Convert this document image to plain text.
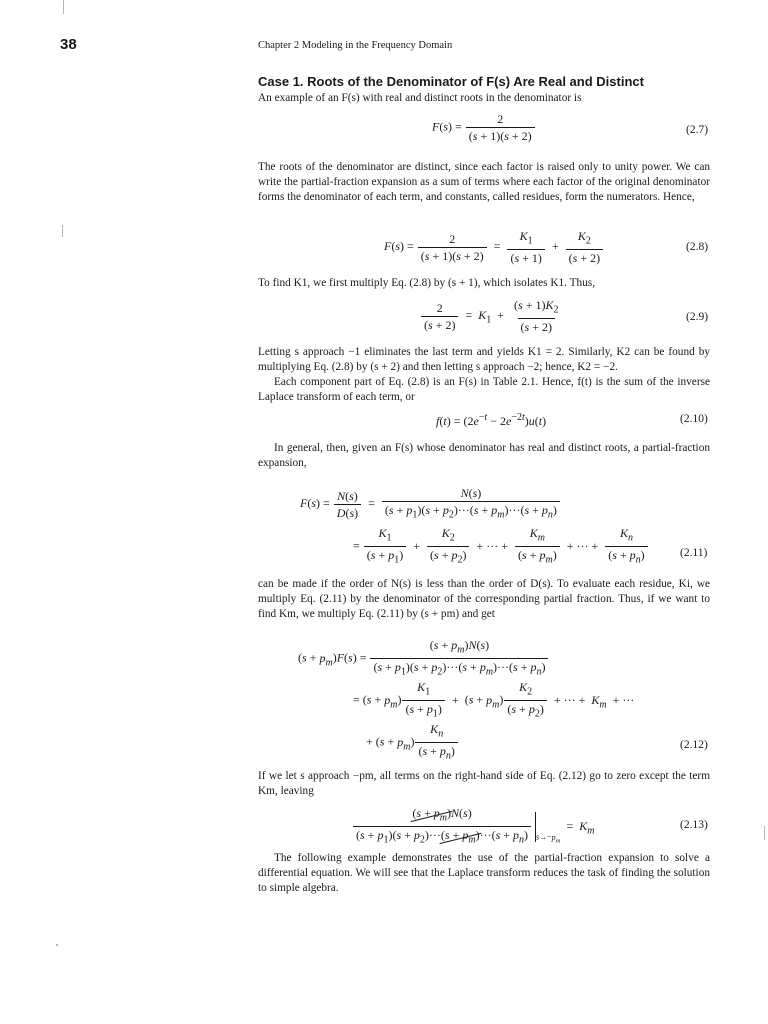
38	Chapter 2 Modeling in the Frequency Domain
Case 1. Roots of the Denominator of F(s) Are Real and Distinct
An example of an F(s) with real and distinct roots in the denominator is
$F(s) = \frac{2}{(s + 1)(s + 2)}$	(2.7)
The roots of the denominator are distinct, since each factor is raised only to unity power. We can write the partial-fraction expansion as a sum of terms where each factor of the original denominator forms the denominator of each term, and constants, called residues, form the numerators. Hence,
$F(s) = \frac{2}{(s + 1)(s + 2)} = \frac{K_1}{(s + 1)} + \frac{K_2}{(s + 2)}$	(2.8)
To find K1, we first multiply Eq. (2.8) by (s + 1), which isolates K1. Thus,
$\frac{2}{(s + 2)} = K_1 + \frac{(s + 1)K_2}{(s + 2)}$	(2.9)
Letting s approach −1 eliminates the last term and yields K1 = 2. Similarly, K2 can be found by multiplying Eq. (2.8) by (s + 2) and then letting s approach −2; hence, K2 = −2.
Each component part of Eq. (2.8) is an F(s) in Table 2.1. Hence, f(t) is the sum of the inverse Laplace transform of each term, or
$f(t) = (2e^{-t} - 2e^{-2t})u(t)$	(2.10)
In general, then, given an F(s) whose denominator has real and distinct roots, a partial-fraction expansion,
$F(s) = \frac{N(s)}{D(s)} = \frac{N(s)}{(s + p_1)(s + p_2)\cdot\cdot\cdot(s + p_m)\cdot\cdot\cdot(s + p_n)}$
= $\frac{K_1}{(s + p_1)} + \frac{K_2}{(s + p_2)}$ + ··· + $\frac{K_m}{(s + p_m)}$ + ··· + $\frac{K_n}{(s + p_n)}$	(2.11)
can be made if the order of N(s) is less than the order of D(s). To evaluate each residue, Ki, we multiply Eq. (2.11) by the denominator of the corresponding partial fraction. Thus, if we want to find Km, we multiply Eq. (2.11) by (s + pm) and get
$(s + p_m)F(s) = \frac{(s + p_m)N(s)}{(s + p_1)(s + p_2)\cdot\cdot\cdot(s + p_m)\cdot\cdot\cdot(s + p_n)}$
= $(s + p_m) \frac{K_1}{(s + p_1)} + (s + p_m) \frac{K_2}{(s + p_2)}$ + ··· + $K_m$ + ···
+ $(s + p_m) \frac{K_n}{(s + p_n)}$	(2.12)
If we let s approach −pm, all terms on the right-hand side of Eq. (2.12) go to zero except the term Km, leaving
$\frac{(s + p_m)N(s)}{(s + p_1)(s + p_2)\cdot\cdot\cdot(s + p_m)\cdot\cdot\cdot(s + p_n)} _{s\to-p_m} = K_m$	(2.13)
The following example demonstrates the use of the partial-fraction expansion to solve a differential equation. We will see that the Laplace transform reduces the task of finding the solution to simple algebra.
